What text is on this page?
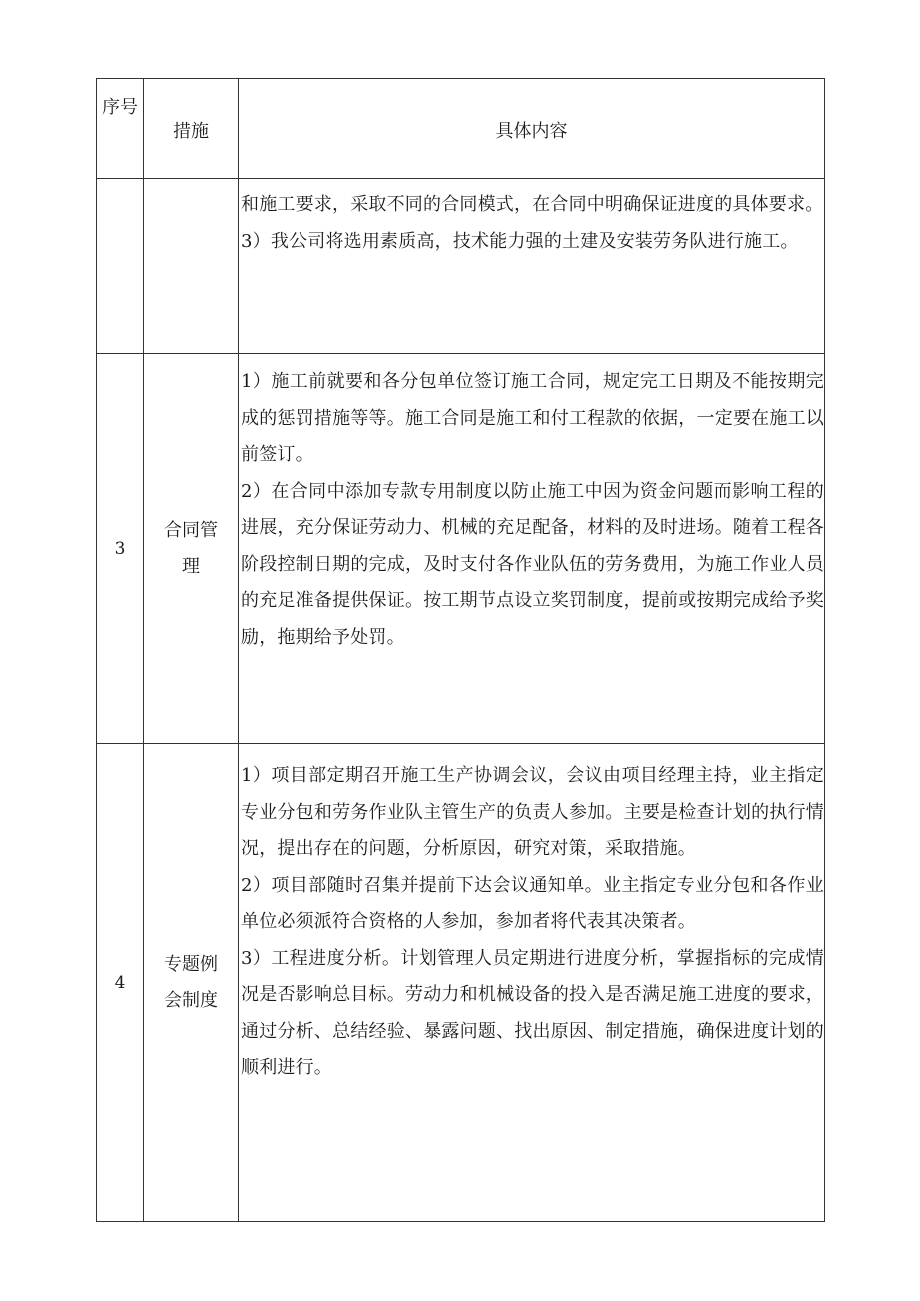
序号	措施	具体内容

		和施工要求，采取不同的合同模式，在合同中明确保证进度的具体要求。

3）我公司将选用素质高，技术能力强的土建及安装劳务队进行施工。

3	合同管理	1）施工前就要和各分包单位签订施工合同，规定完工日期及不能按期完成的惩罚措施等等。施工合同是施工和付工程款的依据，一定要在施工以前签订。

2）在合同中添加专款专用制度以防止施工中因为资金问题而影响工程的进展，充分保证劳动力、机械的充足配备，材料的及时进场。随着工程各阶段控制日期的完成，及时支付各作业队伍的劳务费用，为施工作业人员的充足准备提供保证。按工期节点设立奖罚制度，提前或按期完成给予奖励，拖期给予处罚。

4	专题例会制度	1）项目部定期召开施工生产协调会议，会议由项目经理主持，业主指定专业分包和劳务作业队主管生产的负责人参加。主要是检查计划的执行情况，提出存在的问题，分析原因，研究对策，采取措施。

2）项目部随时召集并提前下达会议通知单。业主指定专业分包和各作业单位必须派符合资格的人参加，参加者将代表其决策者。

3）工程进度分析。计划管理人员定期进行进度分析，掌握指标的完成情况是否影响总目标。劳动力和机械设备的投入是否满足施工进度的要求，通过分析、总结经验、暴露问题、找出原因、制定措施，确保进度计划的顺利进行。
